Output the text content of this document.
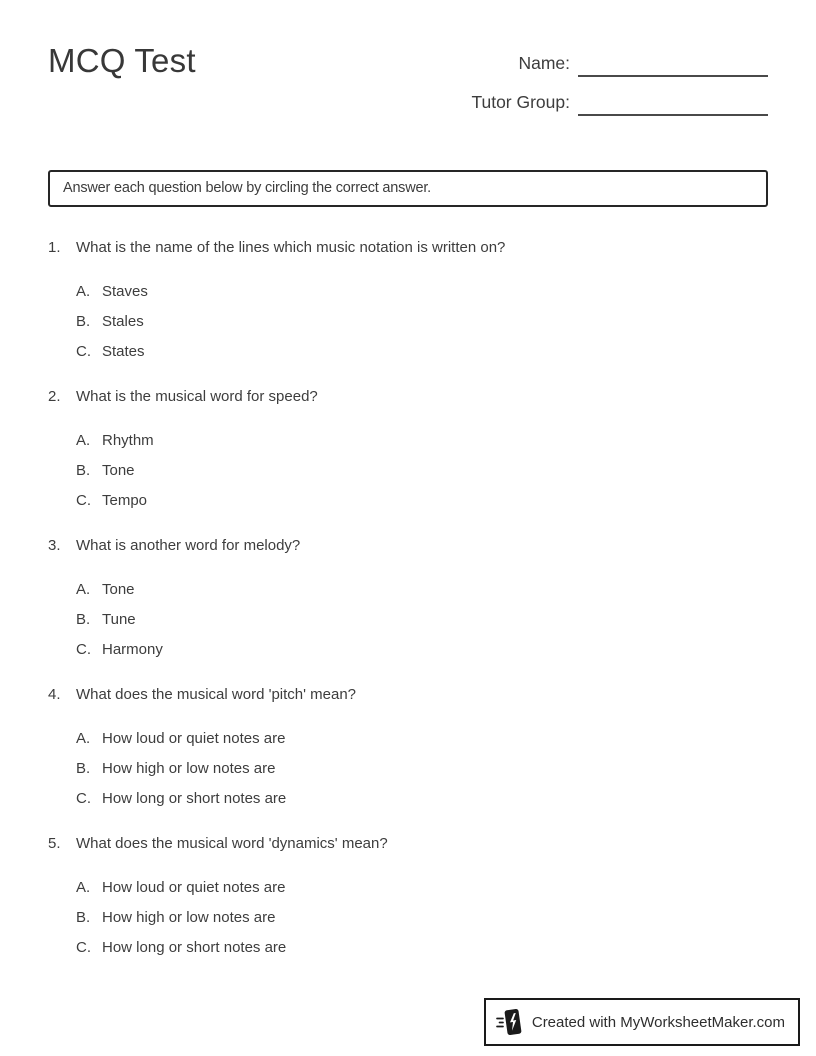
MCQ Test	Name:
Tutor Group:
Answer each question below by circling the correct answer.
1.	What is the name of the lines which music notation is written on?
A. Staves
B. Stales
C. States
2.	What is the musical word for speed?
A. Rhythm
B. Tone
C. Tempo
3.	What is another word for melody?
A. Tone
B. Tune
C. Harmony
4.	What does the musical word 'pitch' mean?
A. How loud or quiet notes are
B. How high or low notes are
C. How long or short notes are
5.	What does the musical word 'dynamics' mean?
A. How loud or quiet notes are
B. How high or low notes are
C. How long or short notes are
Created with MyWorksheetMaker.com
